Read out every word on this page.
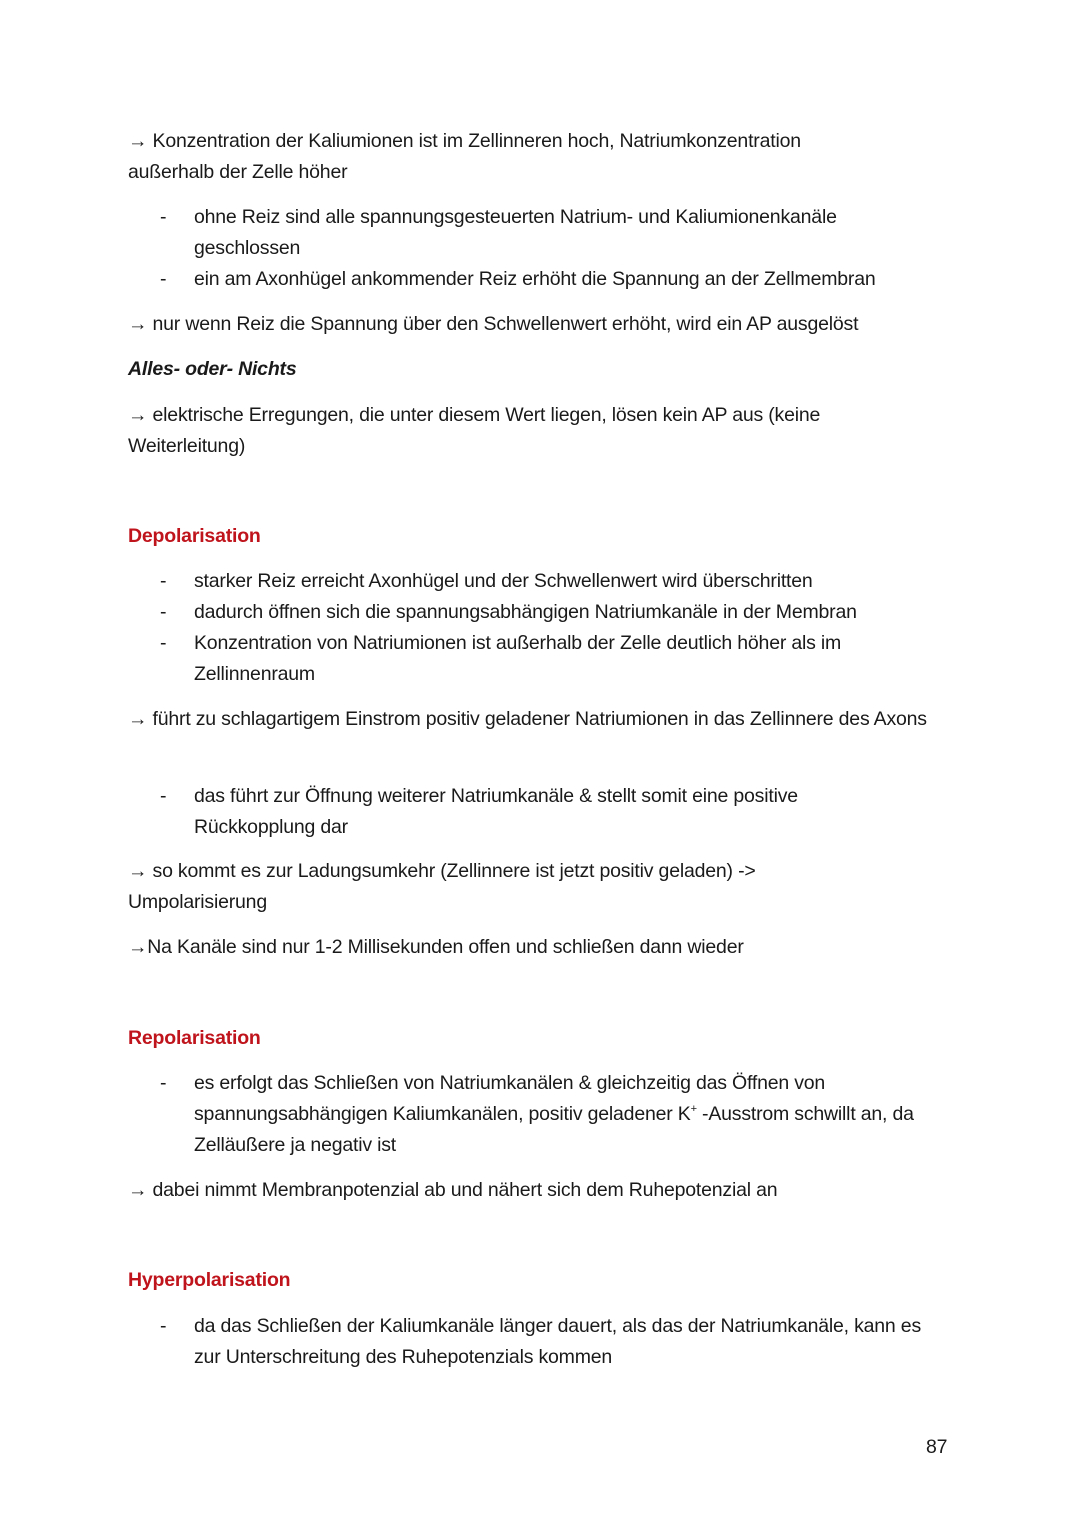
→ Konzentration der Kaliumionen ist im Zellinneren hoch, Natriumkonzentration außerhalb der Zelle höher
- ohne Reiz sind alle spannungsgesteuerten Natrium- und Kaliumionenkanäle geschlossen
- ein am Axonhügel ankommender Reiz erhöht die Spannung an der Zellmembran
→ nur wenn Reiz die Spannung über den Schwellenwert erhöht, wird ein AP ausgelöst
Alles- oder- Nichts
→ elektrische Erregungen, die unter diesem Wert liegen, lösen kein AP aus (keine Weiterleitung)
Depolarisation
- starker Reiz erreicht Axonhügel und der Schwellenwert wird überschritten
- dadurch öffnen sich die spannungsabhängigen Natriumkanäle in der Membran
- Konzentration von Natriumionen ist außerhalb der Zelle deutlich höher als im Zellinnenraum
→ führt zu schlagartigem Einstrom positiv geladener Natriumionen in das Zellinnere des Axons
- das führt zur Öffnung weiterer Natriumkanäle & stellt somit eine positive Rückkopplung dar
→ so kommt es zur Ladungsumkehr (Zellinnere ist jetzt positiv geladen) -> Umpolarisierung
→Na Kanäle sind nur 1-2 Millisekunden offen und schließen dann wieder
Repolarisation
- es erfolgt das Schließen von Natriumkanälen & gleichzeitig das Öffnen von spannungsabhängigen Kaliumkanälen, positiv geladener K+ -Ausstrom schwillt an, da Zelläußere ja negativ ist
→ dabei nimmt Membranpotenzial ab und nähert sich dem Ruhepotenzial an
Hyperpolarisation
- da das Schließen der Kaliumkanäle länger dauert, als das der Natriumkanäle, kann es zur Unterschreitung des Ruhepotenzials kommen
87
